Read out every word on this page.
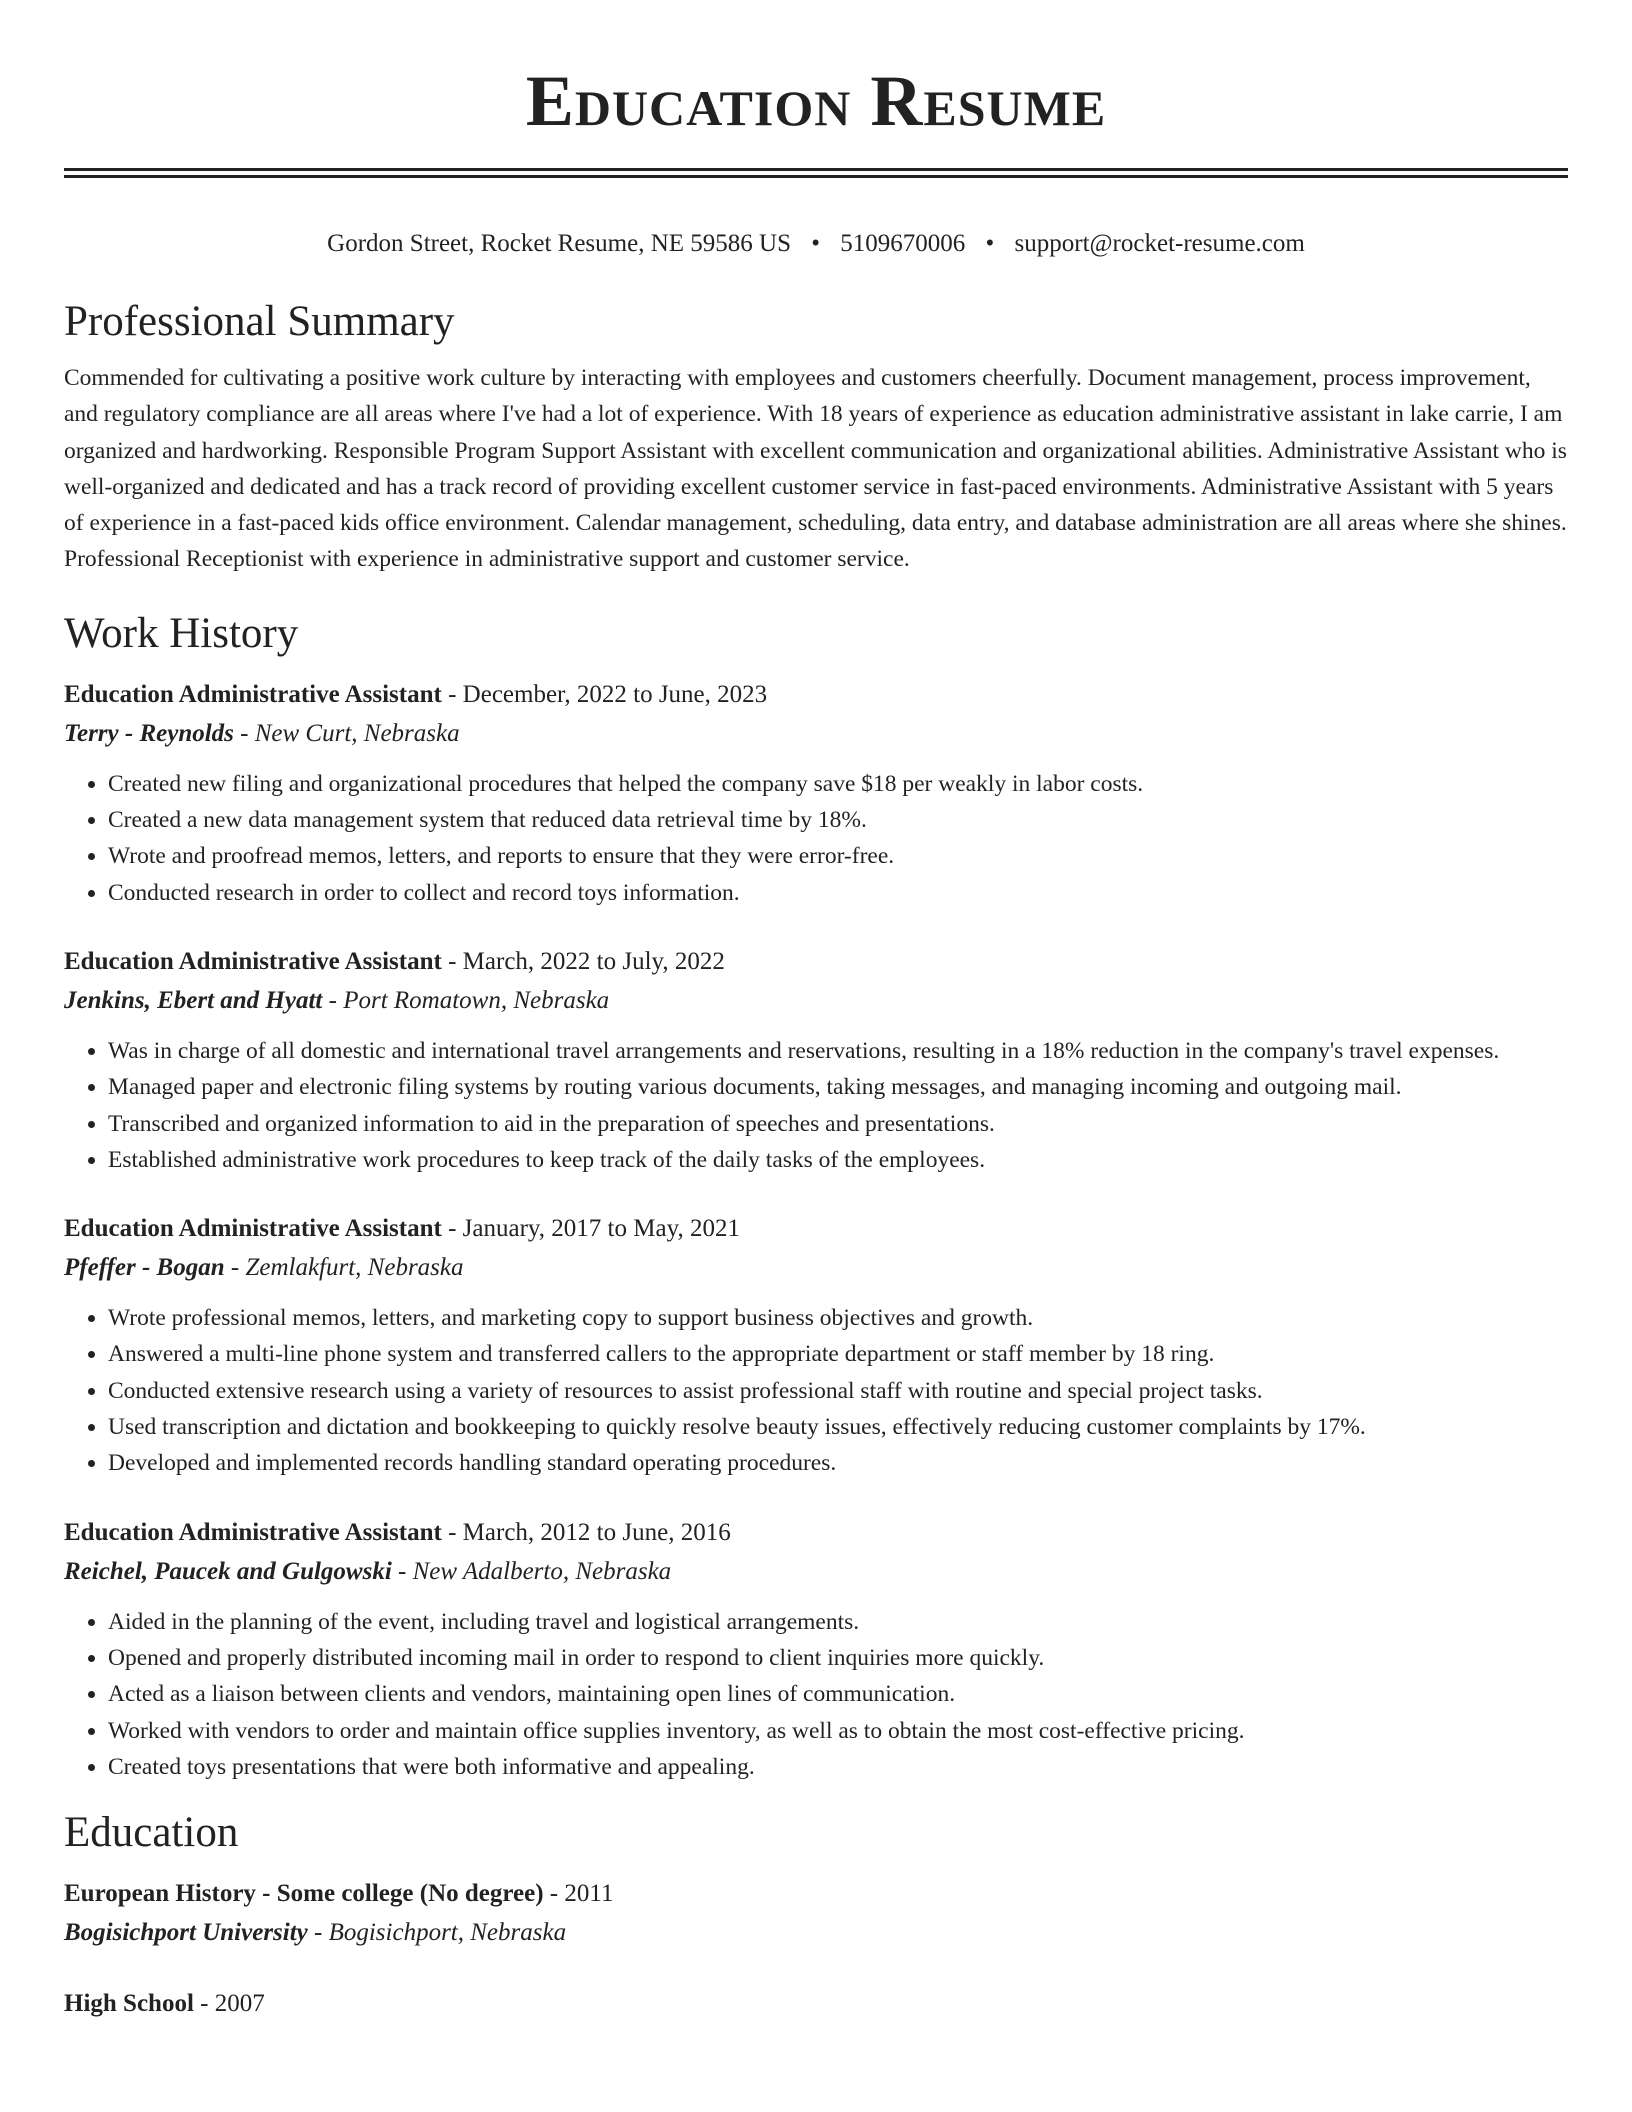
Education Resume
Gordon Street, Rocket Resume, NE 59586 US • 5109670006 • support@rocket-resume.com
Professional Summary

Commended for cultivating a positive work culture by interacting with employees and customers cheerfully. Document management, process improvement, and regulatory compliance are all areas where I've had a lot of experience. With 18 years of experience as education administrative assistant in lake carrie, I am organized and hardworking. Responsible Program Support Assistant with excellent communication and organizational abilities. Administrative Assistant who is well-organized and dedicated and has a track record of providing excellent customer service in fast-paced environments. Administrative Assistant with 5 years of experience in a fast-paced kids office environment. Calendar management, scheduling, data entry, and database administration are all areas where she shines. Professional Receptionist with experience in administrative support and customer service.

Work History
Education Administrative Assistant - December, 2022 to June, 2023
Terry - Reynolds - New Curt, Nebraska
• Created new filing and organizational procedures that helped the company save $18 per weakly in labor costs.
• Created a new data management system that reduced data retrieval time by 18%.
• Wrote and proofread memos, letters, and reports to ensure that they were error-free.
• Conducted research in order to collect and record toys information.
Education Administrative Assistant - March, 2022 to July, 2022
Jenkins, Ebert and Hyatt - Port Romatown, Nebraska
• Was in charge of all domestic and international travel arrangements and reservations, resulting in a 18% reduction in the company's travel expenses.
• Managed paper and electronic filing systems by routing various documents, taking messages, and managing incoming and outgoing mail.
• Transcribed and organized information to aid in the preparation of speeches and presentations.
• Established administrative work procedures to keep track of the daily tasks of the employees.
Education Administrative Assistant - January, 2017 to May, 2021
Pfeffer - Bogan - Zemlakfurt, Nebraska
• Wrote professional memos, letters, and marketing copy to support business objectives and growth.
• Answered a multi-line phone system and transferred callers to the appropriate department or staff member by 18 ring.
• Conducted extensive research using a variety of resources to assist professional staff with routine and special project tasks.
• Used transcription and dictation and bookkeeping to quickly resolve beauty issues, effectively reducing customer complaints by 17%.
• Developed and implemented records handling standard operating procedures.
Education Administrative Assistant - March, 2012 to June, 2016
Reichel, Paucek and Gulgowski - New Adalberto, Nebraska
• Aided in the planning of the event, including travel and logistical arrangements.
• Opened and properly distributed incoming mail in order to respond to client inquiries more quickly.
• Acted as a liaison between clients and vendors, maintaining open lines of communication.
• Worked with vendors to order and maintain office supplies inventory, as well as to obtain the most cost-effective pricing.
• Created toys presentations that were both informative and appealing.
Education
European History - Some college (No degree) - 2011
Bogisichport University - Bogisichport, Nebraska
High School - 2007
